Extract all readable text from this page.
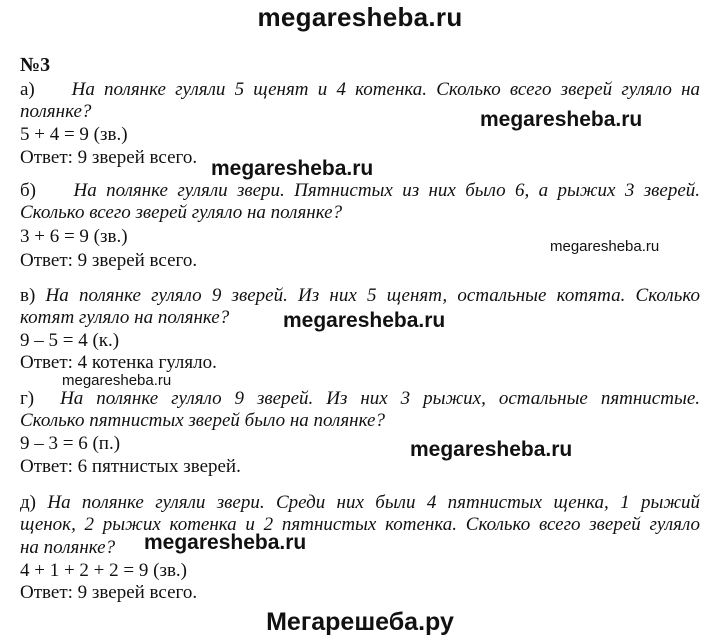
megaresheba.ru
№3
а) На полянке гуляли 5 щенят и 4 котенка. Сколько всего зверей гуляло на
полянке?
5 + 4 = 9 (зв.)
Ответ: 9 зверей всего.
б) На полянке гуляли звери. Пятнистых из них было 6, а рыжих 3 зверей.
Сколько всего зверей гуляло на полянке?
3 + 6 = 9 (зв.)
Ответ: 9 зверей всего.
в) На полянке гуляло 9 зверей. Из них 5 щенят, остальные котята. Сколько
котят гуляло на полянке?
9 – 5 = 4 (к.)
Ответ: 4 котенка гуляло.
г) На полянке гуляло 9 зверей. Из них 3 рыжих, остальные пятнистые.
Сколько пятнистых зверей было на полянке?
9 – 3 = 6 (п.)
Ответ: 6 пятнистых зверей.
д) На полянке гуляли звери. Среди них были 4 пятнистых щенка, 1 рыжий
щенок, 2 рыжих котенка и 2 пятнистых котенка. Сколько всего зверей гуляло
на полянке?
4 + 1 + 2 + 2 = 9 (зв.)
Ответ: 9 зверей всего.
megaresheba.ru
megaresheba.ru
megaresheba.ru
megaresheba.ru
megaresheba.ru
megaresheba.ru
megaresheba.ru
Мегарешеба.ру
